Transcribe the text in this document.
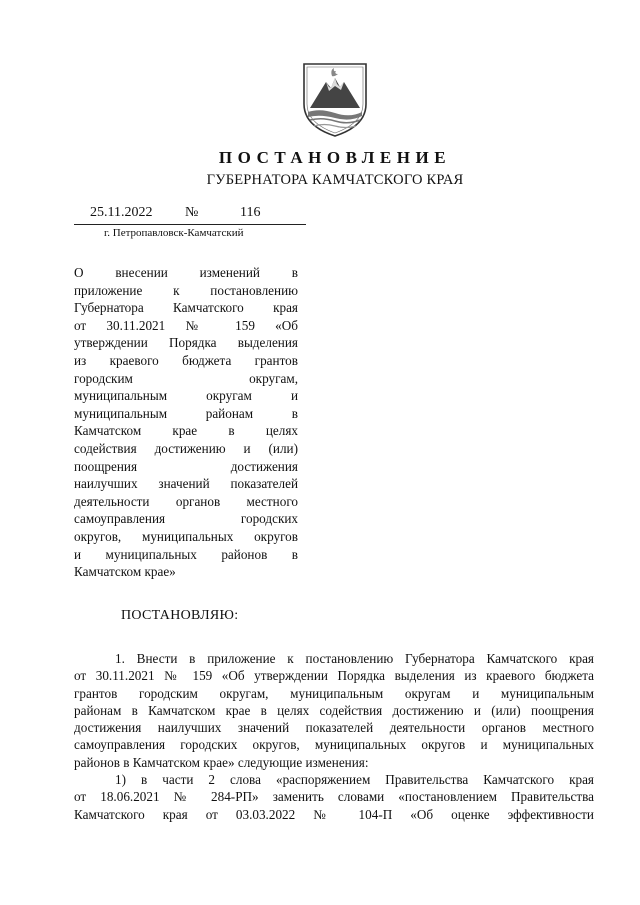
ПОСТАНОВЛЕНИЕ
ГУБЕРНАТОРА КАМЧАТСКОГО КРАЯ
25.11.2022 №	116
г. Петропавловск-Камчатский
О внесении изменений в
приложение к постановлению
Губернатора Камчатского края
от 30.11.2021 № 159 «Об
утверждении Порядка выделения
из краевого бюджета грантов
городским округам,
муниципальным округам и
муниципальным районам в
Камчатском крае в целях
содействия достижению и (или)
поощрения достижения
наилучших значений показателей
деятельности органов местного
самоуправления городских
округов, муниципальных округов
и муниципальных районов в
Камчатском крае»
ПОСТАНОВЛЯЮ:
1. Внести в приложение к постановлению Губернатора Камчатского края
от 30.11.2021 № 159 «Об утверждении Порядка выделения из краевого бюджета
грантов городским округам, муниципальным округам и муниципальным
районам в Камчатском крае в целях содействия достижению и (или) поощрения
достижения наилучших значений показателей деятельности органов местного
самоуправления городских округов, муниципальных округов и муниципальных
районов в Камчатском крае» следующие изменения:
1) в части 2 слова «распоряжением Правительства Камчатского края
от 18.06.2021 № 284-РП» заменить словами «постановлением Правительства
Камчатского края от 03.03.2022 № 104-П «Об оценке эффективности
